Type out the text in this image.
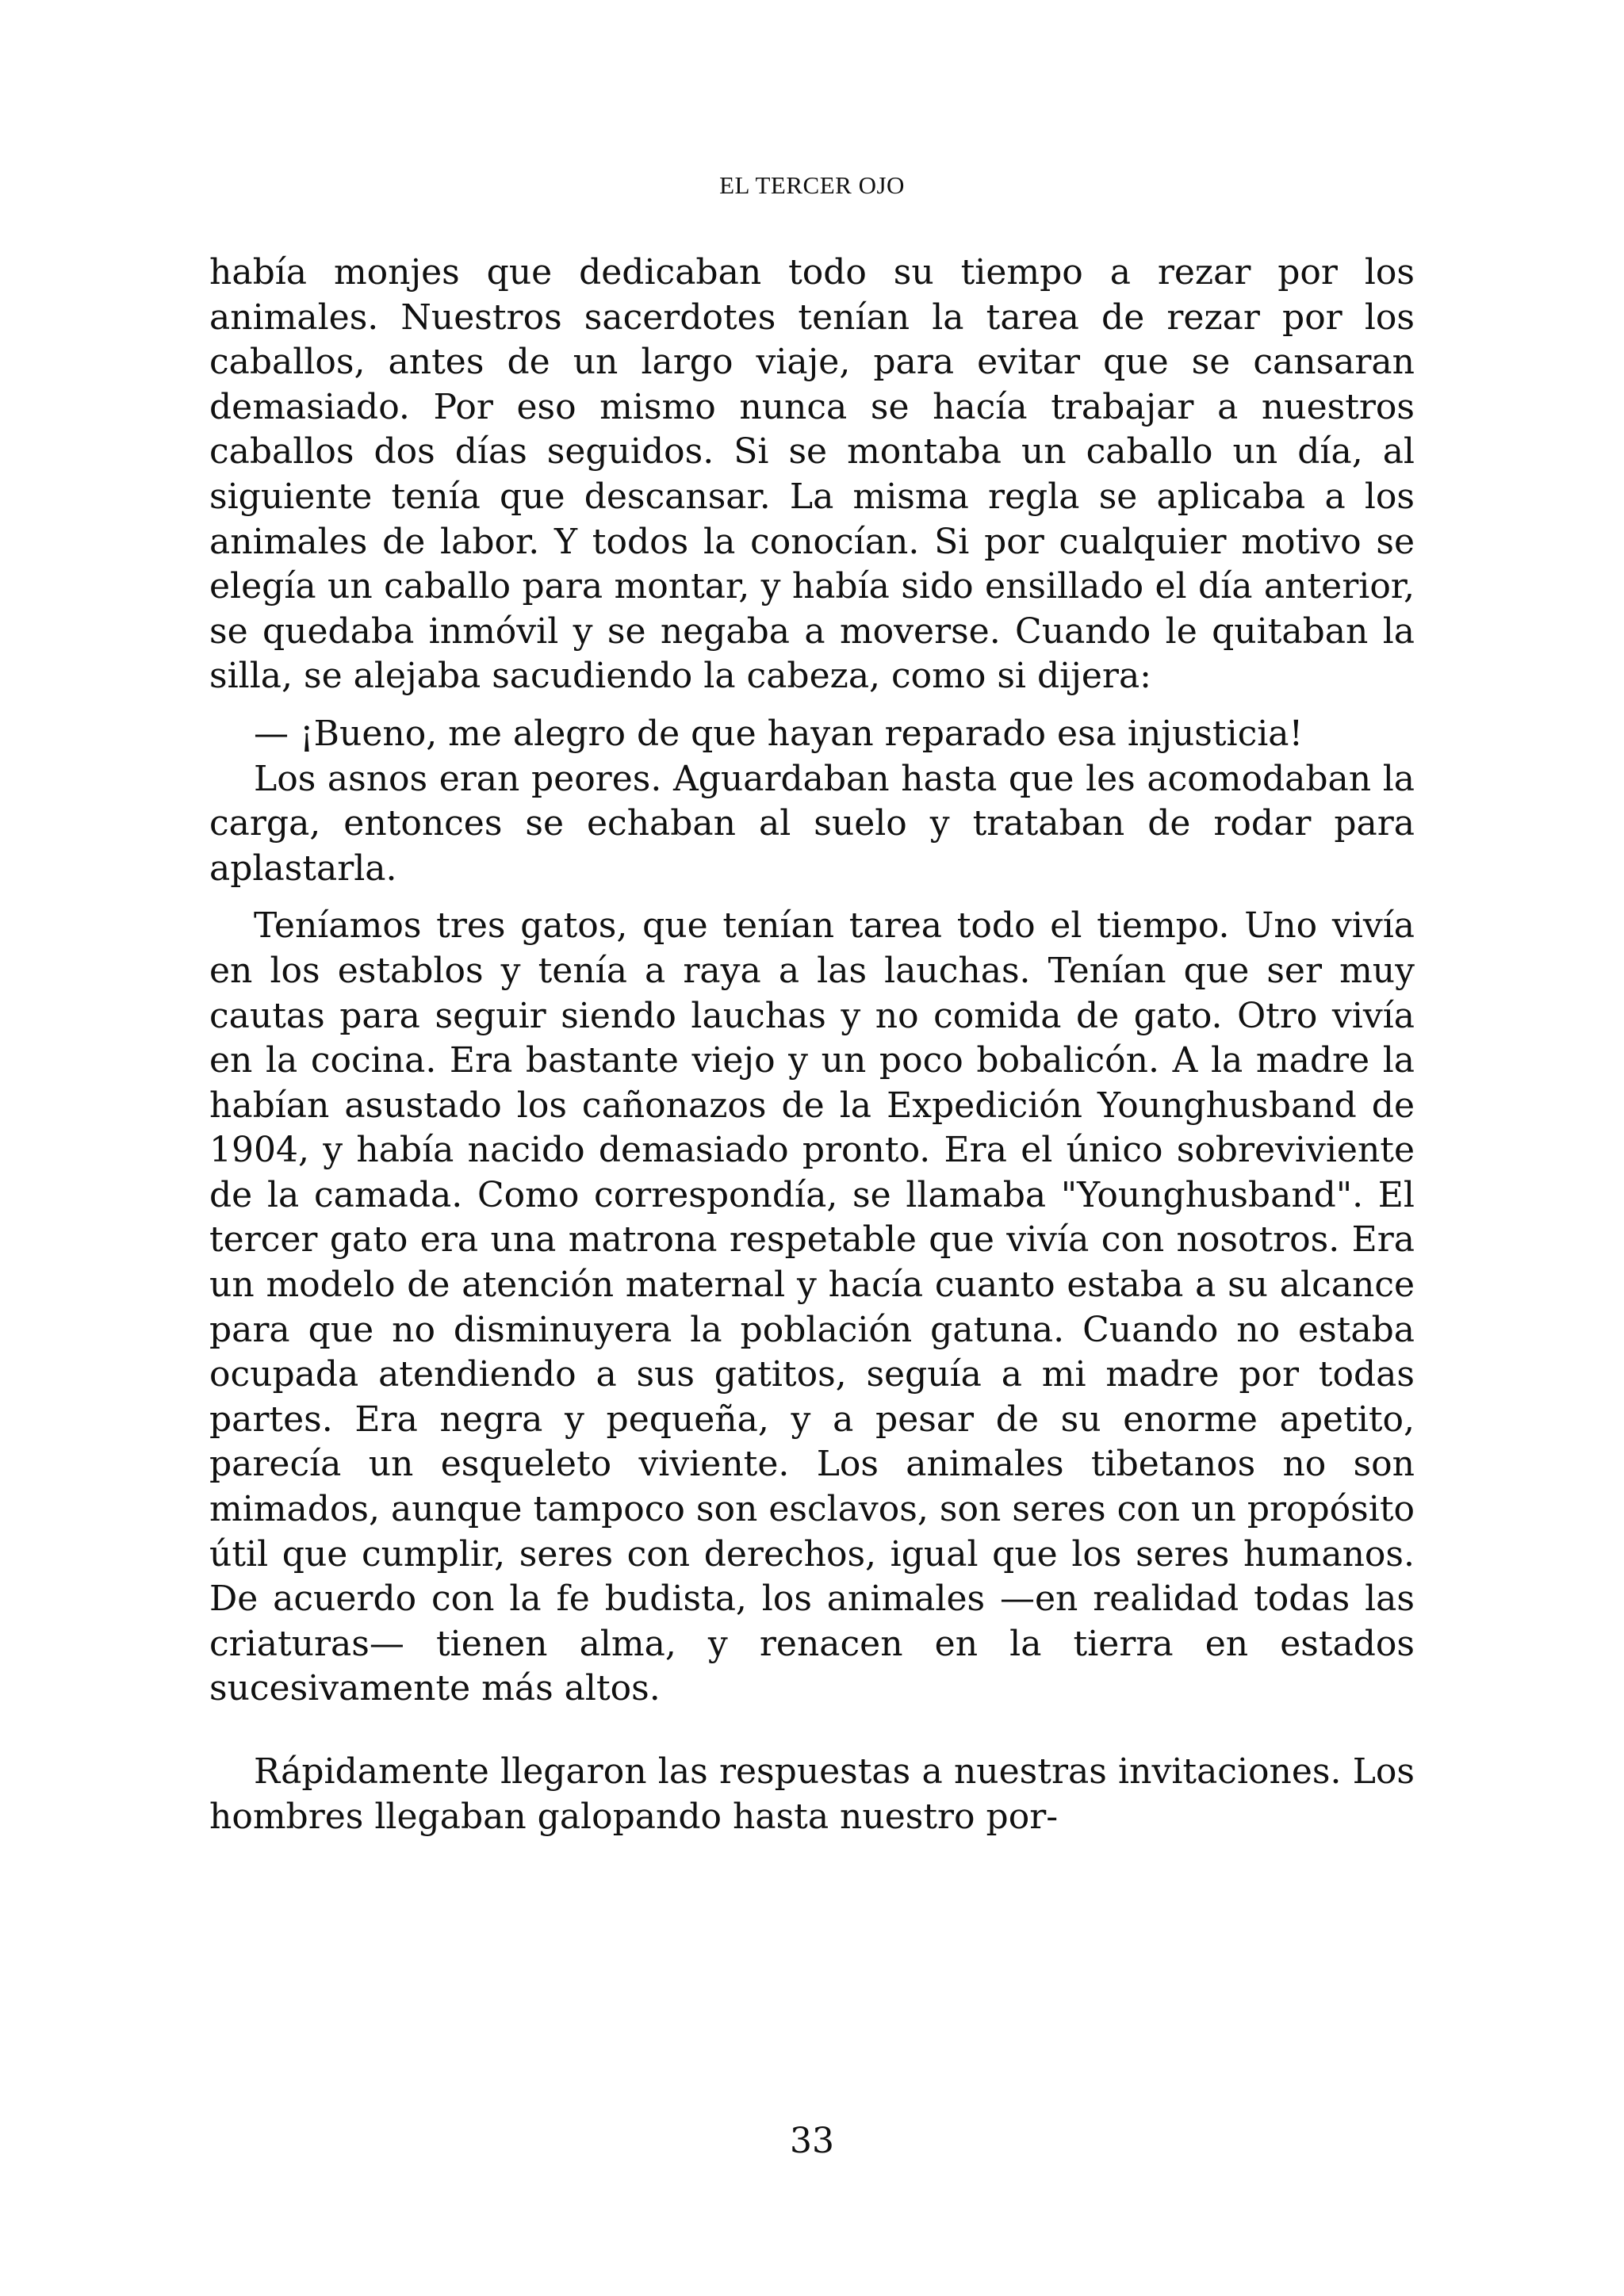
EL TERCER OJO

había monjes que dedicaban todo su tiempo a rezar por los animales. Nuestros sacerdotes tenían la tarea de rezar por los caballos, antes de un largo viaje, para evitar que se cansaran demasiado. Por eso mismo nunca se hacía trabajar a nuestros caballos dos días seguidos. Si se montaba un caballo un día, al siguiente tenía que descansar. La misma regla se aplicaba a los animales de labor. Y todos la conocían. Si por cualquier motivo se elegía un caballo para montar, y había sido ensillado el día anterior, se quedaba inmóvil y se negaba a moverse. Cuando le quitaban la silla, se alejaba sacudiendo la cabeza, como si dijera:

— ¡Bueno, me alegro de que hayan reparado esa injusticia!

Los asnos eran peores. Aguardaban hasta que les acomodaban la carga, entonces se echaban al suelo y trataban de rodar para aplastarla.

Teníamos tres gatos, que tenían tarea todo el tiempo. Uno vivía en los establos y tenía a raya a las lauchas. Tenían que ser muy cautas para seguir siendo lauchas y no comida de gato. Otro vivía en la cocina. Era bastante viejo y un poco bobalicón. A la madre la habían asustado los cañonazos de la Expedición Younghusband de 1904, y había nacido demasiado pronto. Era el único sobreviviente de la camada. Como correspondía, se llamaba "Younghusband". El tercer gato era una matrona respetable que vivía con nosotros. Era un modelo de atención maternal y hacía cuanto estaba a su alcance para que no disminuyera la población gatuna. Cuando no estaba ocupada atendiendo a sus gatitos, seguía a mi madre por todas partes. Era negra y pequeña, y a pesar de su enorme apetito, parecía un esqueleto viviente. Los animales tibetanos no son mimados, aunque tampoco son esclavos, son seres con un propósito útil que cumplir, seres con derechos, igual que los seres humanos. De acuerdo con la fe budista, los animales —en realidad todas las criaturas— tienen alma, y renacen en la tierra en estados sucesivamente más altos.

Rápidamente llegaron las respuestas a nuestras invitaciones. Los hombres llegaban galopando hasta nuestro por-

33
